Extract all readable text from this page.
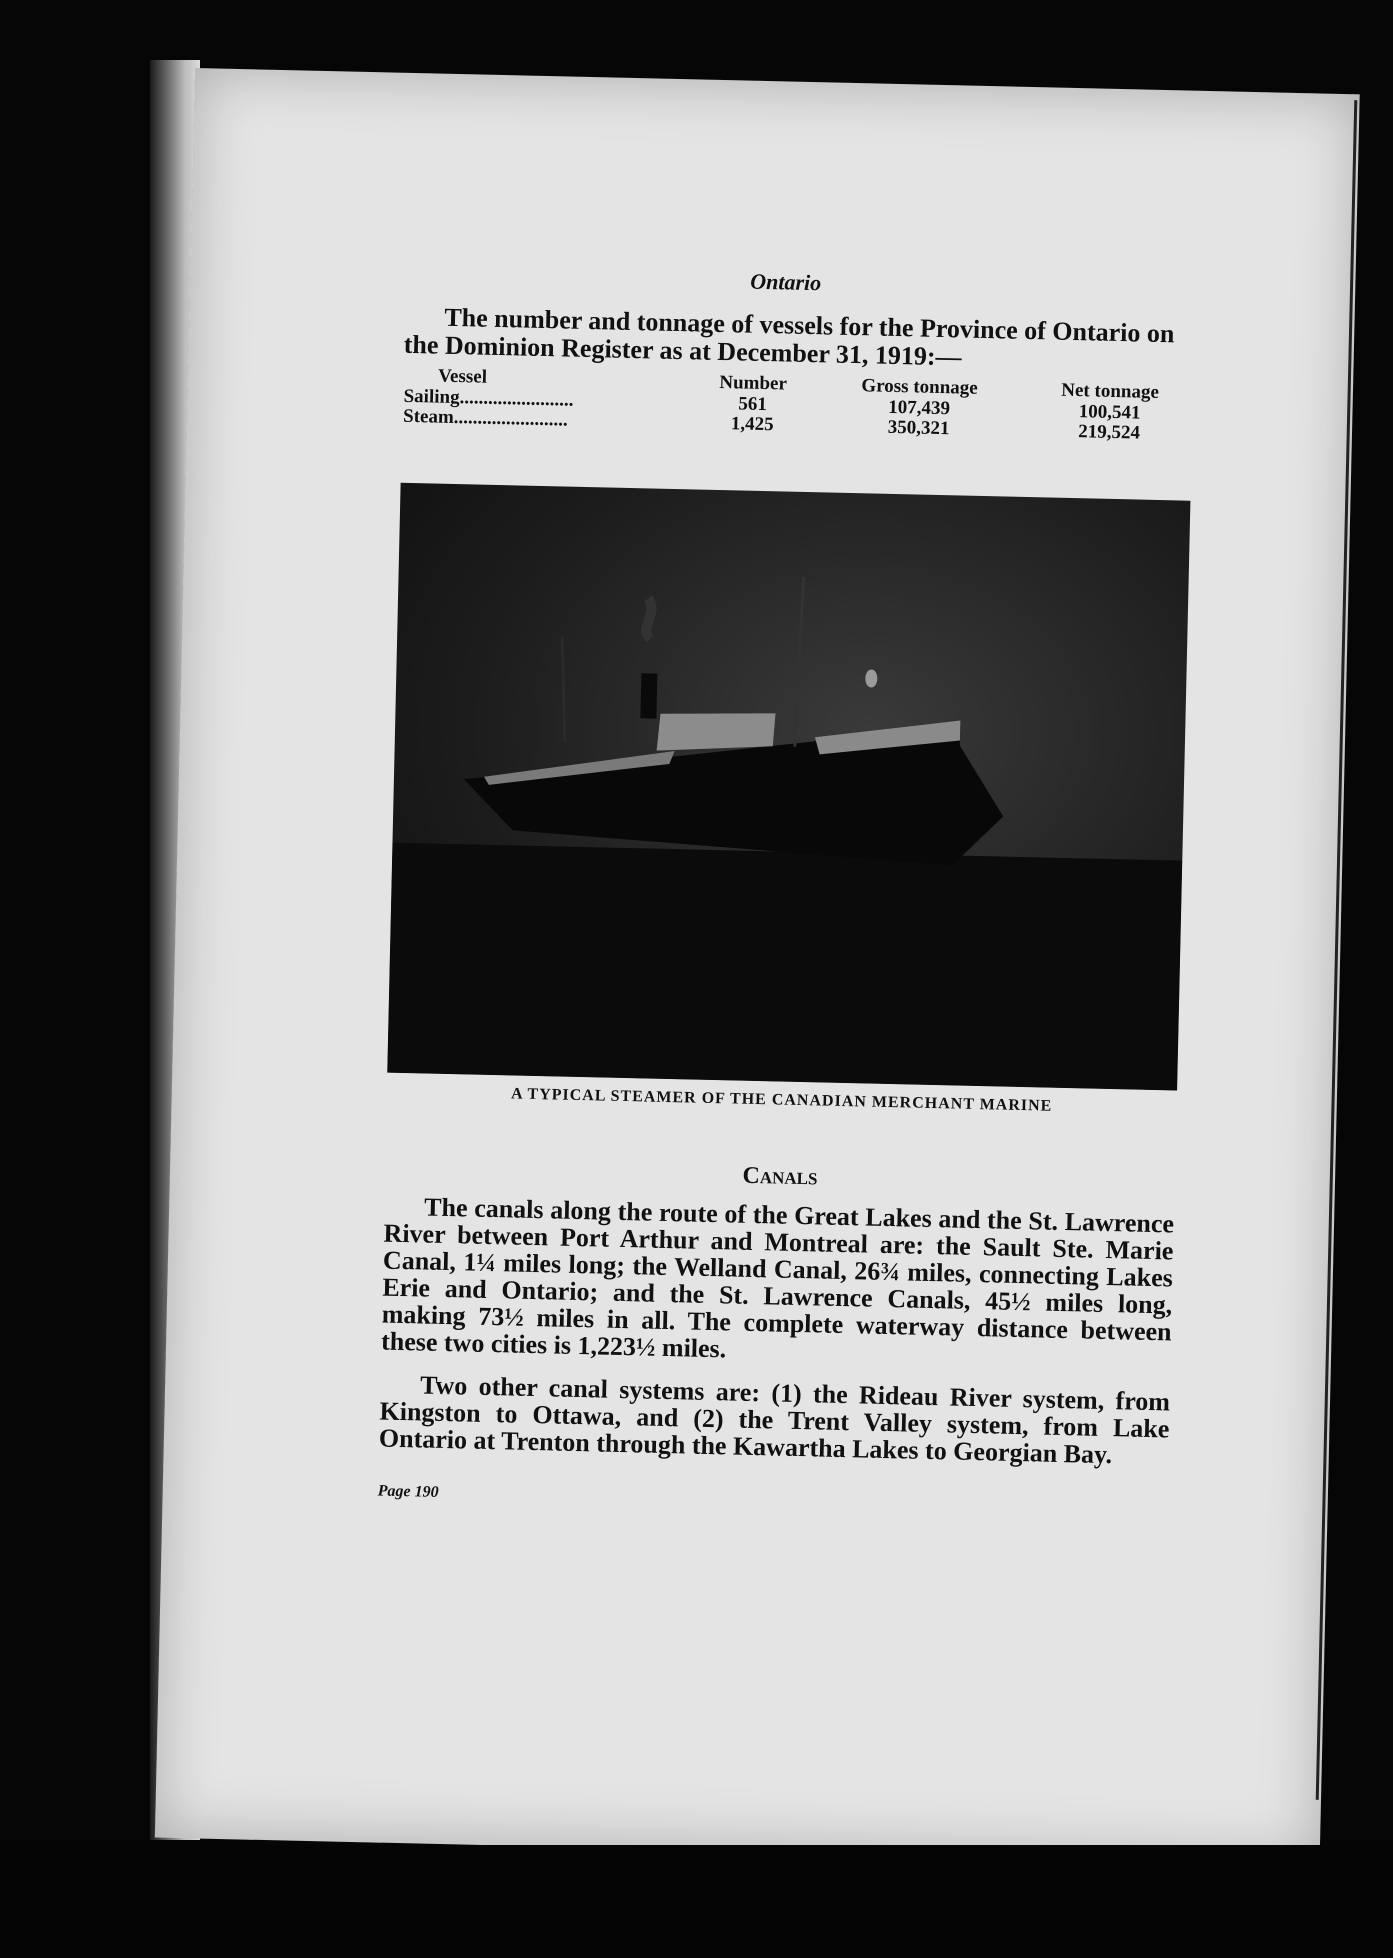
Ontario

The number and tonnage of vessels for the Province of Ontario on the Dominion Register as at December 31, 1919:—

Vessel	Number	Gross tonnage	Net tonnage
Sailing........................	561	107,439	100,541
Steam........................	1,425	350,321	219,524
A TYPICAL STEAMER OF THE CANADIAN MERCHANT MARINE
Canals

The canals along the route of the Great Lakes and the St. Lawrence River between Port Arthur and Montreal are: the Sault Ste. Marie Canal, 1¼ miles long; the Welland Canal, 26¾ miles, connecting Lakes Erie and Ontario; and the St. Lawrence Canals, 45½ miles long, making 73½ miles in all. The complete waterway distance between these two cities is 1,223½ miles.

Two other canal systems are: (1) the Rideau River system, from Kingston to Ottawa, and (2) the Trent Valley system, from Lake Ontario at Trenton through the Kawartha Lakes to Georgian Bay.

Page 190
